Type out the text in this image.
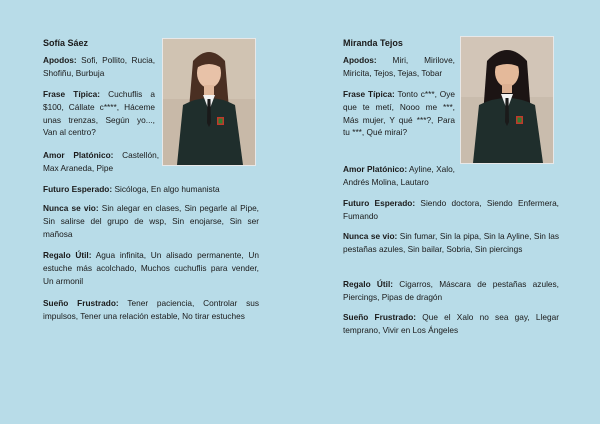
Sofía Sáez

Apodos: Sofi, Pollito, Rucia, Shofiñu, Burbuja

Frase Típica: Cuchuflis a $100, Cállate c****, Háceme unas trenzas, Según yo..., Van al centro?

Amor Platónico: Castellón, Max Araneda, Pipe

Futuro Esperado: Sicóloga, En algo humanista

Nunca se vio: Sin alegar en clases, Sin pegarle al Pipe, Sin salirse del grupo de wsp, Sin enojarse, Sin ser mañosa

Regalo Útil: Agua infinita, Un alisado permanente, Un estuche más acolchado, Muchos cuchuflis para vender, Un armonil

Sueño Frustrado: Tener paciencia, Controlar sus impulsos, Tener una relación estable, No tirar estuches

Miranda Tejos

Apodos: Miri, Mirilove, Miricita, Tejos, Tejas, Tobar

Frase Típica: Tonto c***, Oye que te metí, Nooo me ***, Más mujer, Y qué ***?, Para tu ***, Qué mirai?

Amor Platónico: Ayline, Xalo, Andrés Molina, Lautaro

Futuro Esperado: Siendo doctora, Siendo Enfermera, Fumando

Nunca se vio: Sin fumar, Sin la pipa, Sin la Ayline, Sin las pestañas azules, Sin bailar, Sobria, Sin piercings

Regalo Útil: Cigarros, Máscara de pestañas azules, Piercings, Pipas de dragón

Sueño Frustrado: Que el Xalo no sea gay, Llegar temprano, Vivir en Los Ángeles
